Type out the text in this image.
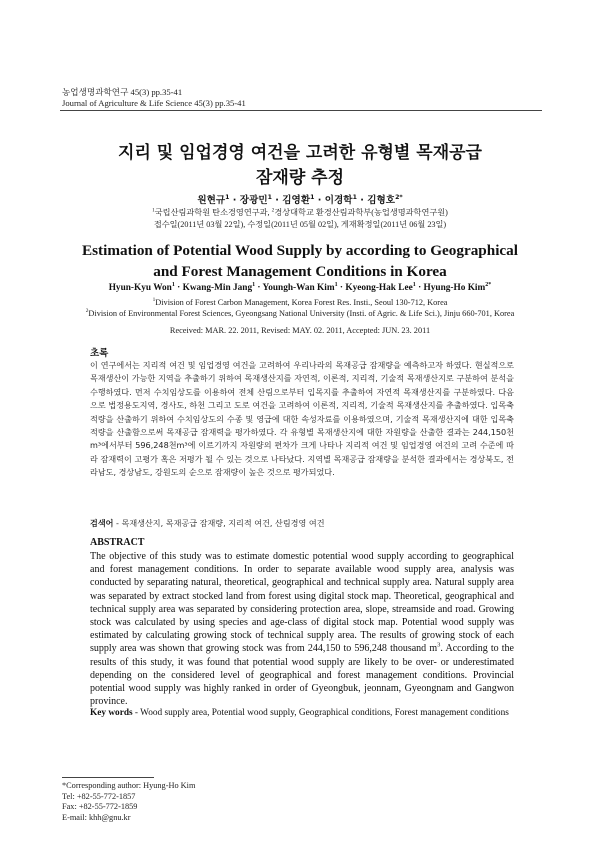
농업생명과학연구 45(3) pp.35-41
Journal of Agriculture & Life Science 45(3) pp.35-41
지리 및 임업경영 여건을 고려한 유형별 목재공급
잠재량 추정
원현규$^1$ · 장광민$^1$ · 김영환$^1$ · 이경학$^1$ · 김형호$^{2*}$
$^1$국립산림과학원 탄소경영연구과, $^2$경상대학교 환경산림과학부(농업생명과학연구원)
접수일(2011년 03월 22일), 수정일(2011년 05월 02일), 게재확정일(2011년 06월 23일)
Estimation of Potential Wood Supply by according to Geographical
and Forest Management Conditions in Korea
Hyun-Kyu Won$^1$ · Kwang-Min Jang$^1$ · Youngh-Wan Kim$^1$ · Kyeong-Hak Lee$^1$ · Hyung-Ho Kim$^{2*}$
$^1$Division of Forest Carbon Management, Korea Forest Res. Insti., Seoul 130-712, Korea
$^2$Division of Environmental Forest Sciences, Gyeongsang National University (Insti. of Agric. & Life Sci.), Jinju 660-701, Korea
Received: MAR. 22. 2011, Revised: MAY. 02. 2011, Accepted: JUN. 23. 2011
초록
이 연구에서는 지리적 여건 및 임업경영 여건을 고려하여 우리나라의 목재공급 잠재량을 예측하고자 하였다. 현실적으로 목재생산이 가능한 지역을 추출하기 위하여 목재생산지를 자연적, 이론적, 지리적, 기술적 목재생산지로 구분하여 분석을 수행하였다. 먼저 수치임상도를 이용하여 전체 산림으로부터 입목지를 추출하여 자연적 목재생산지를 구분하였다. 다음으로 법정용도지역, 경사도, 하천 그리고 도로 여건을 고려하여 이론적, 지리적, 기술적 목재생산지를 추출하였다. 입목축적량을 산출하기 위하여 수치임상도의 수종 및 영급에 대한 속성자료를 이용하였으며, 기술적 목재생산지에 대한 입목축적량을 산출함으로써 목재공급 잠재력을 평가하였다. 각 유형별 목재생산지에 대한 자원량을 산출한 결과는 244,150천m³에서부터 596,248천m³에 이르기까지 자원량의 편차가 크게 나타나 지리적 여건 및 임업경영 여건의 고려 수준에 따라 잠재력이 고평가 혹은 저평가 될 수 있는 것으로 나타났다. 지역별 목재공급 잠재량을 분석한 결과에서는 경상북도, 전라남도, 경상남도, 강원도의 순으로 잠재량이 높은 것으로 평가되었다.
검색어 - 목재생산지, 목재공급 잠재량, 지리적 여건, 산림경영 여건
ABSTRACT
The objective of this study was to estimate domestic potential wood supply according to geographical and forest management conditions. In order to separate available wood supply area, analysis was conducted by separating natural, theoretical, geographical and technical supply area. Natural supply area was separated by extract stocked land from forest using digital stock map. Theoretical, geographical and technical supply area was separated by considering protection area, slope, streamside and road. Growing stock was calculated by using species and age-class of digital stock map. Potential wood supply was estimated by calculating growing stock of technical supply area. The results of growing stock of each supply area was shown that growing stock was from 244,150 to 596,248 thousand $m^3$. According to the results of this study, it was found that potential wood supply are likely to be over- or underestimated depending on the considered level of geographical and forest management conditions. Provincial potential wood supply was highly ranked in order of Gyeongbuk, jeonnam, Gyeongnam and Gangwon province.
Key words - Wood supply area, Potential wood supply, Geographical conditions, Forest management conditions
*Corresponding author: Hyung-Ho Kim
Tel: +82-55-772-1857
Fax: +82-55-772-1859
E-mail: khh@gnu.kr
